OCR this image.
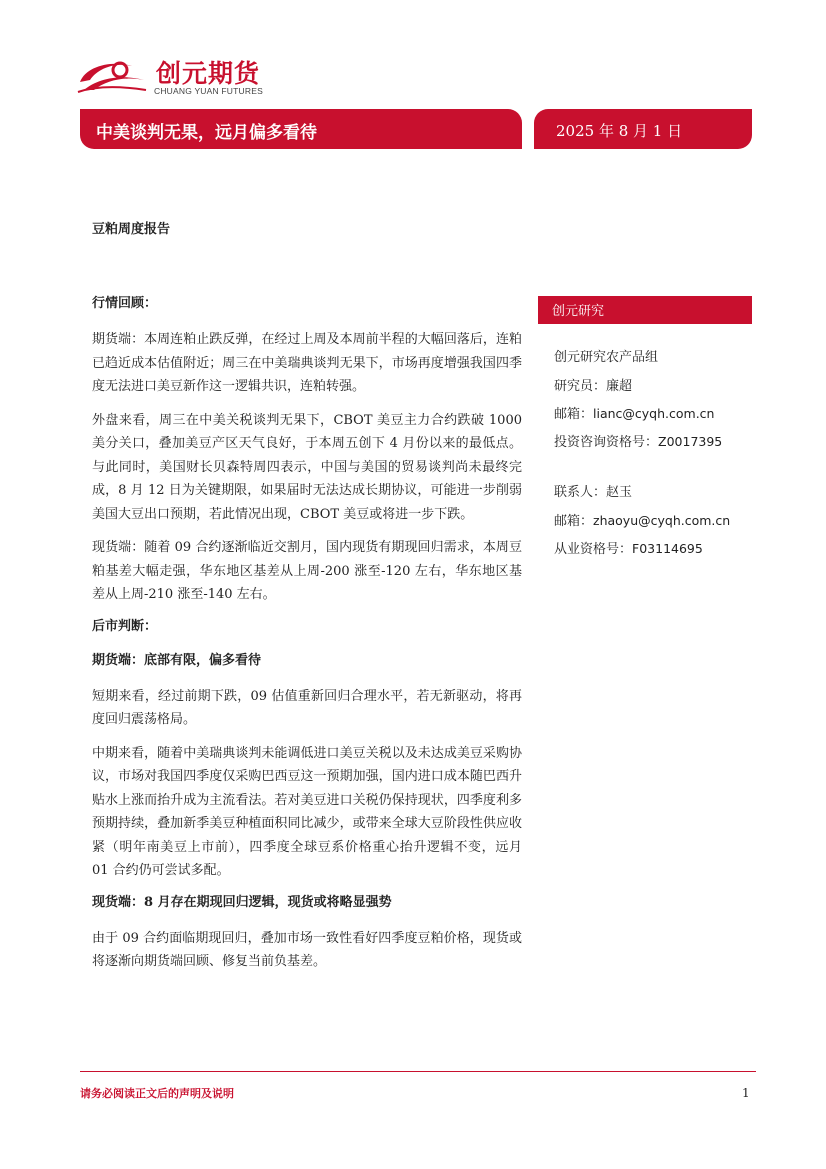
创元期货
CHUANG YUAN FUTURES
中美谈判无果，远月偏多看待	2025 年 8 月 1 日
豆粕周度报告
行情回顾：
期货端：本周连粕止跌反弹，在经过上周及本周前半程的大幅回落后，连粕已趋近成本估值附近；周三在中美瑞典谈判无果下，市场再度增强我国四季度无法进口美豆新作这一逻辑共识，连粕转强。
外盘来看，周三在中美关税谈判无果下，CBOT 美豆主力合约跌破 1000 美分关口，叠加美豆产区天气良好，于本周五创下 4 月份以来的最低点。与此同时，美国财长贝森特周四表示，中国与美国的贸易谈判尚未最终完成，8 月 12 日为关键期限，如果届时无法达成长期协议，可能进一步削弱美国大豆出口预期，若此情况出现，CBOT 美豆或将进一步下跌。
现货端：随着 09 合约逐渐临近交割月，国内现货有期现回归需求，本周豆粕基差大幅走强，华东地区基差从上周-200 涨至-120 左右，华东地区基差从上周-210 涨至-140 左右。
后市判断：
期货端：底部有限，偏多看待
短期来看，经过前期下跌，09 估值重新回归合理水平，若无新驱动，将再度回归震荡格局。
中期来看，随着中美瑞典谈判未能调低进口美豆关税以及未达成美豆采购协议，市场对我国四季度仅采购巴西豆这一预期加强，国内进口成本随巴西升贴水上涨而抬升成为主流看法。若对美豆进口关税仍保持现状，四季度利多预期持续，叠加新季美豆种植面积同比减少，或带来全球大豆阶段性供应收紧（明年南美豆上市前），四季度全球豆系价格重心抬升逻辑不变，远月 01 合约仍可尝试多配。
现货端：8 月存在期现回归逻辑，现货或将略显强势
由于 09 合约面临期现回归，叠加市场一致性看好四季度豆粕价格，现货或将逐渐向期货端回顾、修复当前负基差。
创元研究
创元研究农产品组
研究员：廉超
邮箱：lianc@cyqh.com.cn
投资咨询资格号：Z0017395
联系人：赵玉
邮箱：zhaoyu@cyqh.com.cn
从业资格号：F03114695
请务必阅读正文后的声明及说明	1
